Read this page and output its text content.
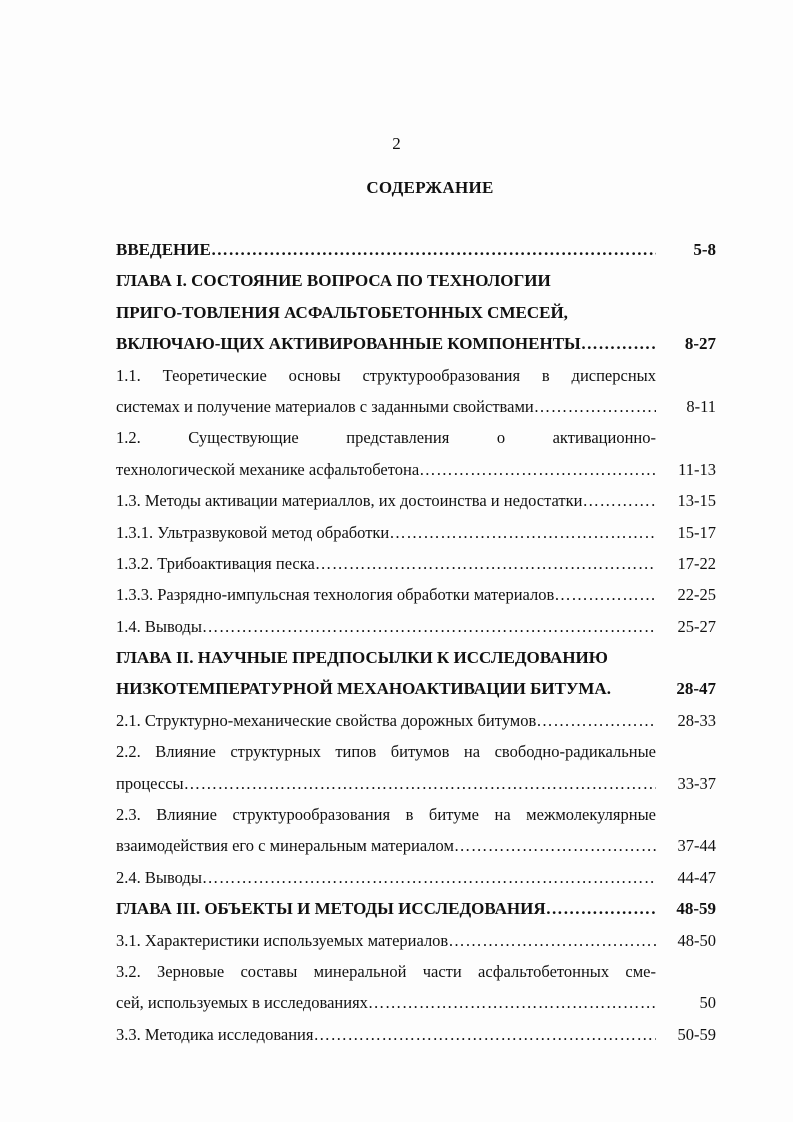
2
СОДЕРЖАНИЕ
ВВЕДЕНИЕ ……………………………………………………………………………………………………………	5-8
ГЛАВА I. СОСТОЯНИЕ ВОПРОСА ПО ТЕХНОЛОГИИ
ПРИГО-ТОВЛЕНИЯ АСФАЛЬТОБЕТОННЫХ СМЕСЕЙ,
ВКЛЮЧАЮ-ЩИХ АКТИВИРОВАННЫЕ КОМПОНЕНТЫ ……………………………………………………………………………………………………………	8-27
1.1. Теоретические основы структурообразования в дисперсных
системах и получение материалов с заданными свойствами ……………………………………………………………………………………………………………	8-11
1.2. Существующие представления о активационно-
технологической механике асфальтобетона ……………………………………………………………………………………………………………	11-13
1.3. Методы активации материаллов, их достоинства и недостатки ……………………………………………………………………………………………………………	13-15
1.3.1. Ультразвуковой метод обработки ……………………………………………………………………………………………………………	15-17
1.3.2. Трибоактивация песка ……………………………………………………………………………………………………………	17-22
1.3.3. Разрядно-импульсная технология обработки материалов ……………………………………………………………………………………………………………	22-25
1.4. Выводы ……………………………………………………………………………………………………………	25-27
ГЛАВА II. НАУЧНЫЕ ПРЕДПОСЫЛКИ К ИССЛЕДОВАНИЮ
НИЗКОТЕМПЕРАТУРНОЙ МЕХАНОАКТИВАЦИИ БИТУМА.	28-47
2.1. Структурно-механические свойства дорожных битумов ……………………………………………………………………………………………………………	28-33
2.2. Влияние структурных типов битумов на свободно-радикальные
процессы ……………………………………………………………………………………………………………	33-37
2.3. Влияние структурообразования в битуме на межмолекулярные
взаимодействия его с минеральным материалом ……………………………………………………………………………………………………………	37-44
2.4. Выводы ……………………………………………………………………………………………………………	44-47
ГЛАВА III. ОБЪЕКТЫ И МЕТОДЫ ИССЛЕДОВАНИЯ ……………………………………………………………………………………………………………	48-59
3.1. Характеристики используемых материалов ……………………………………………………………………………………………………………	48-50
3.2. Зерновые составы минеральной части асфальтобетонных сме-
сей, используемых в исследованиях ……………………………………………………………………………………………………………	50
3.3. Методика исследования ……………………………………………………………………………………………………………	50-59
